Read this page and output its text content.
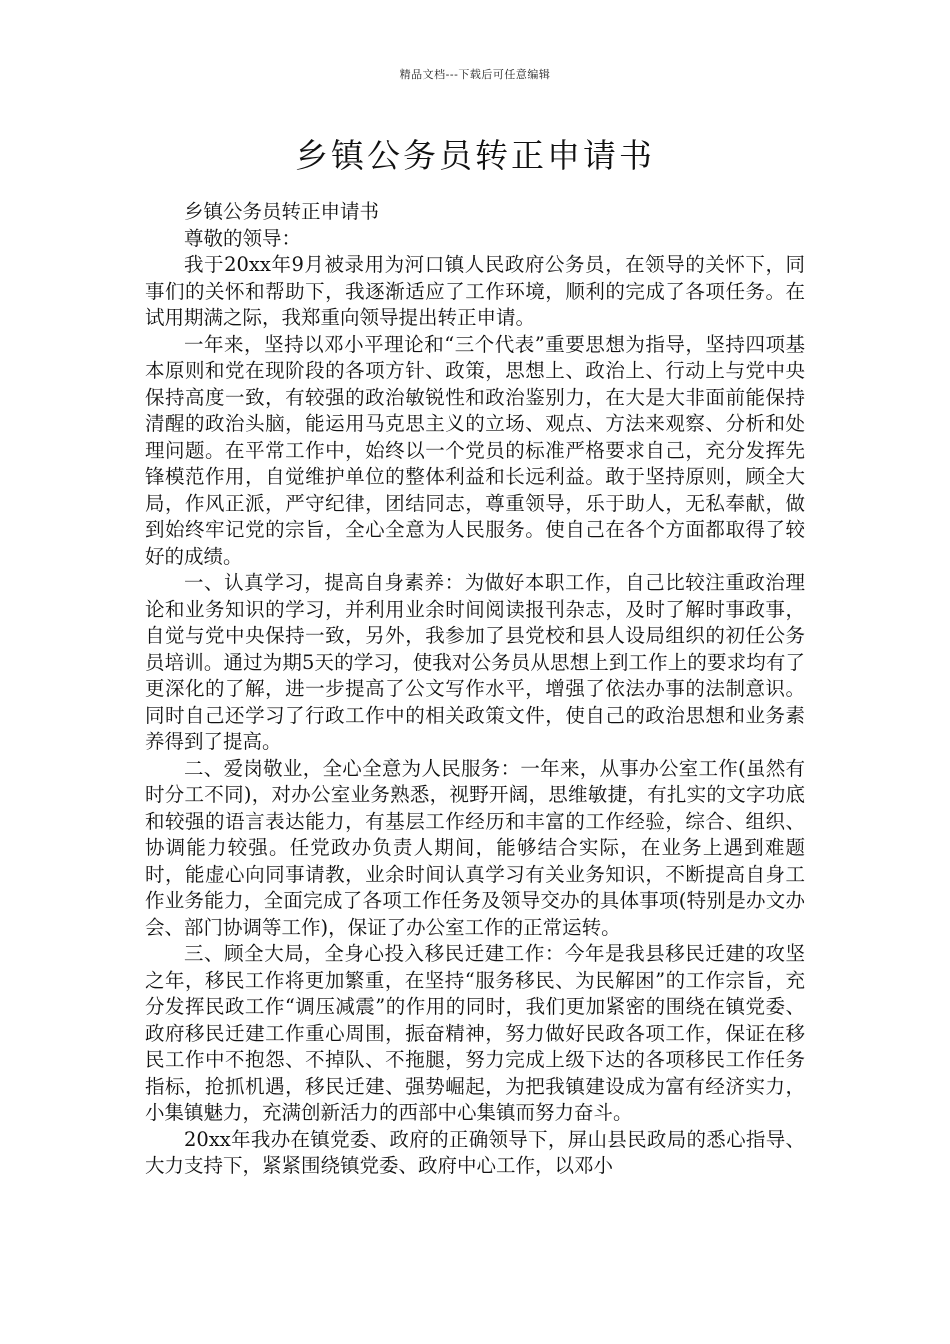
精品文档---下载后可任意编辑
乡镇公务员转正申请书

乡镇公务员转正申请书

尊敬的领导：

我于20xx年9月被录用为河口镇人民政府公务员，在领导的关怀下，同事们的关怀和帮助下，我逐渐适应了工作环境，顺利的完成了各项任务。在试用期满之际，我郑重向领导提出转正申请。

一年来，坚持以邓小平理论和“三个代表”重要思想为指导，坚持四项基本原则和党在现阶段的各项方针、政策，思想上、政治上、行动上与党中央保持高度一致，有较强的政治敏锐性和政治鉴别力，在大是大非面前能保持清醒的政治头脑，能运用马克思主义的立场、观点、方法来观察、分析和处理问题。在平常工作中，始终以一个党员的标准严格要求自己，充分发挥先锋模范作用，自觉维护单位的整体利益和长远利益。敢于坚持原则，顾全大局，作风正派，严守纪律，团结同志，尊重领导，乐于助人，无私奉献，做到始终牢记党的宗旨，全心全意为人民服务。使自己在各个方面都取得了较好的成绩。

一、认真学习，提高自身素养：为做好本职工作，自己比较注重政治理论和业务知识的学习，并利用业余时间阅读报刊杂志，及时了解时事政事，自觉与党中央保持一致，另外，我参加了县党校和县人设局组织的初任公务员培训。通过为期5天的学习，使我对公务员从思想上到工作上的要求均有了更深化的了解，进一步提高了公文写作水平，增强了依法办事的法制意识。同时自己还学习了行政工作中的相关政策文件，使自己的政治思想和业务素养得到了提高。

二、爱岗敬业，全心全意为人民服务：一年来，从事办公室工作(虽然有时分工不同)，对办公室业务熟悉，视野开阔，思维敏捷，有扎实的文字功底和较强的语言表达能力，有基层工作经历和丰富的工作经验，综合、组织、协调能力较强。任党政办负责人期间，能够结合实际，在业务上遇到难题时，能虚心向同事请教，业余时间认真学习有关业务知识，不断提高自身工作业务能力，全面完成了各项工作任务及领导交办的具体事项(特别是办文办会、部门协调等工作)，保证了办公室工作的正常运转。

三、顾全大局，全身心投入移民迁建工作：今年是我县移民迁建的攻坚之年，移民工作将更加繁重，在坚持“服务移民、为民解困”的工作宗旨，充分发挥民政工作“调压减震”的作用的同时，我们更加紧密的围绕在镇党委、政府移民迁建工作重心周围，振奋精神，努力做好民政各项工作，保证在移民工作中不抱怨、不掉队、不拖腿，努力完成上级下达的各项移民工作任务指标，抢抓机遇，移民迁建、强势崛起，为把我镇建设成为富有经济实力，小集镇魅力，充满创新活力的西部中心集镇而努力奋斗。

20xx年我办在镇党委、政府的正确领导下，屏山县民政局的悉心指导、大力支持下，紧紧围绕镇党委、政府中心工作，以邓小
